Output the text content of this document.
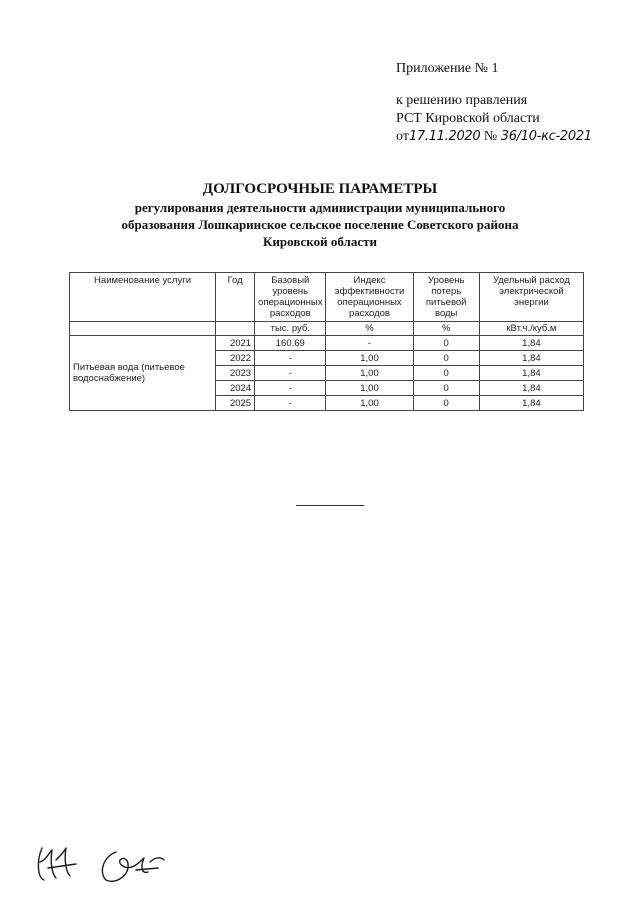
Приложение № 1
к решению правления
РСТ Кировской области
от17.11.2020 № 36/10-кс-2021
ДОЛГОСРОЧНЫЕ ПАРАМЕТРЫ
регулирования деятельности администрации муниципального
образования Лошкаринское сельское поселение Советского района
Кировской области
Наименование услуги	Год	Базовый уровень операционных расходов	Индекс эффективности операционных расходов	Уровень потерь питьевой воды	Удельный расход электрической энергии
		тыс. руб.	%	%	кВт.ч./куб.м
Питьевая вода (питьевое водоснабжение)	2021	160,69	-	0	1,84
	2022	-	1,00	0	1,84
	2023	-	1,00	0	1,84
	2024	-	1,00	0	1,84
	2025	-	1,00	0	1,84
